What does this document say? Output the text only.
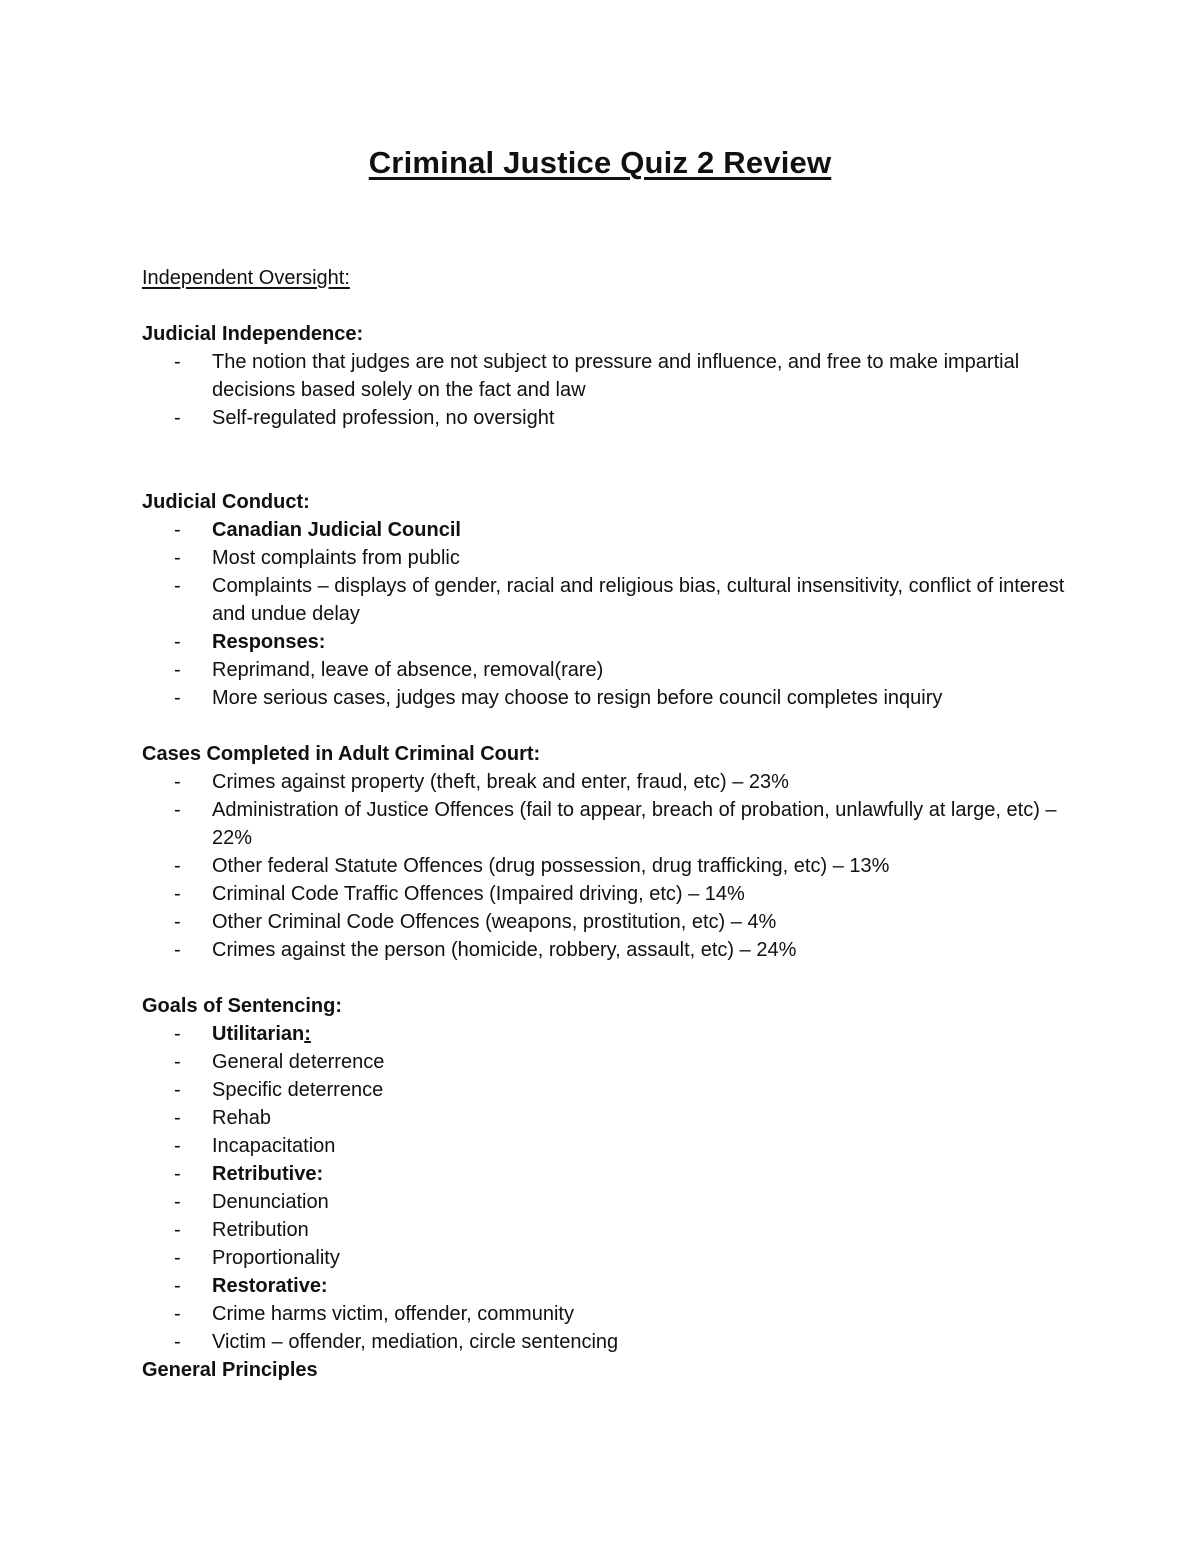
Criminal Justice Quiz 2 Review

Independent Oversight:

Judicial Independence:

- The notion that judges are not subject to pressure and influence, and free to make impartial decisions based solely on the fact and law
- Self-regulated profession, no oversight

Judicial Conduct:

- Canadian Judicial Council
- Most complaints from public
- Complaints – displays of gender, racial and religious bias, cultural insensitivity, conflict of interest and undue delay
- Responses:
- Reprimand, leave of absence, removal(rare)
- More serious cases, judges may choose to resign before council completes inquiry

Cases Completed in Adult Criminal Court:

- Crimes against property (theft, break and enter, fraud, etc) – 23%
- Administration of Justice Offences (fail to appear, breach of probation, unlawfully at large, etc) – 22%
- Other federal Statute Offences (drug possession, drug trafficking, etc) – 13%
- Criminal Code Traffic Offences (Impaired driving, etc) – 14%
- Other Criminal Code Offences (weapons, prostitution, etc) – 4%
- Crimes against the person (homicide, robbery, assault, etc) – 24%

Goals of Sentencing:

- Utilitarian:
- General deterrence
- Specific deterrence
- Rehab
- Incapacitation
- Retributive:
- Denunciation
- Retribution
- Proportionality
- Restorative:
- Crime harms victim, offender, community
- Victim – offender, mediation, circle sentencing

General Principles
